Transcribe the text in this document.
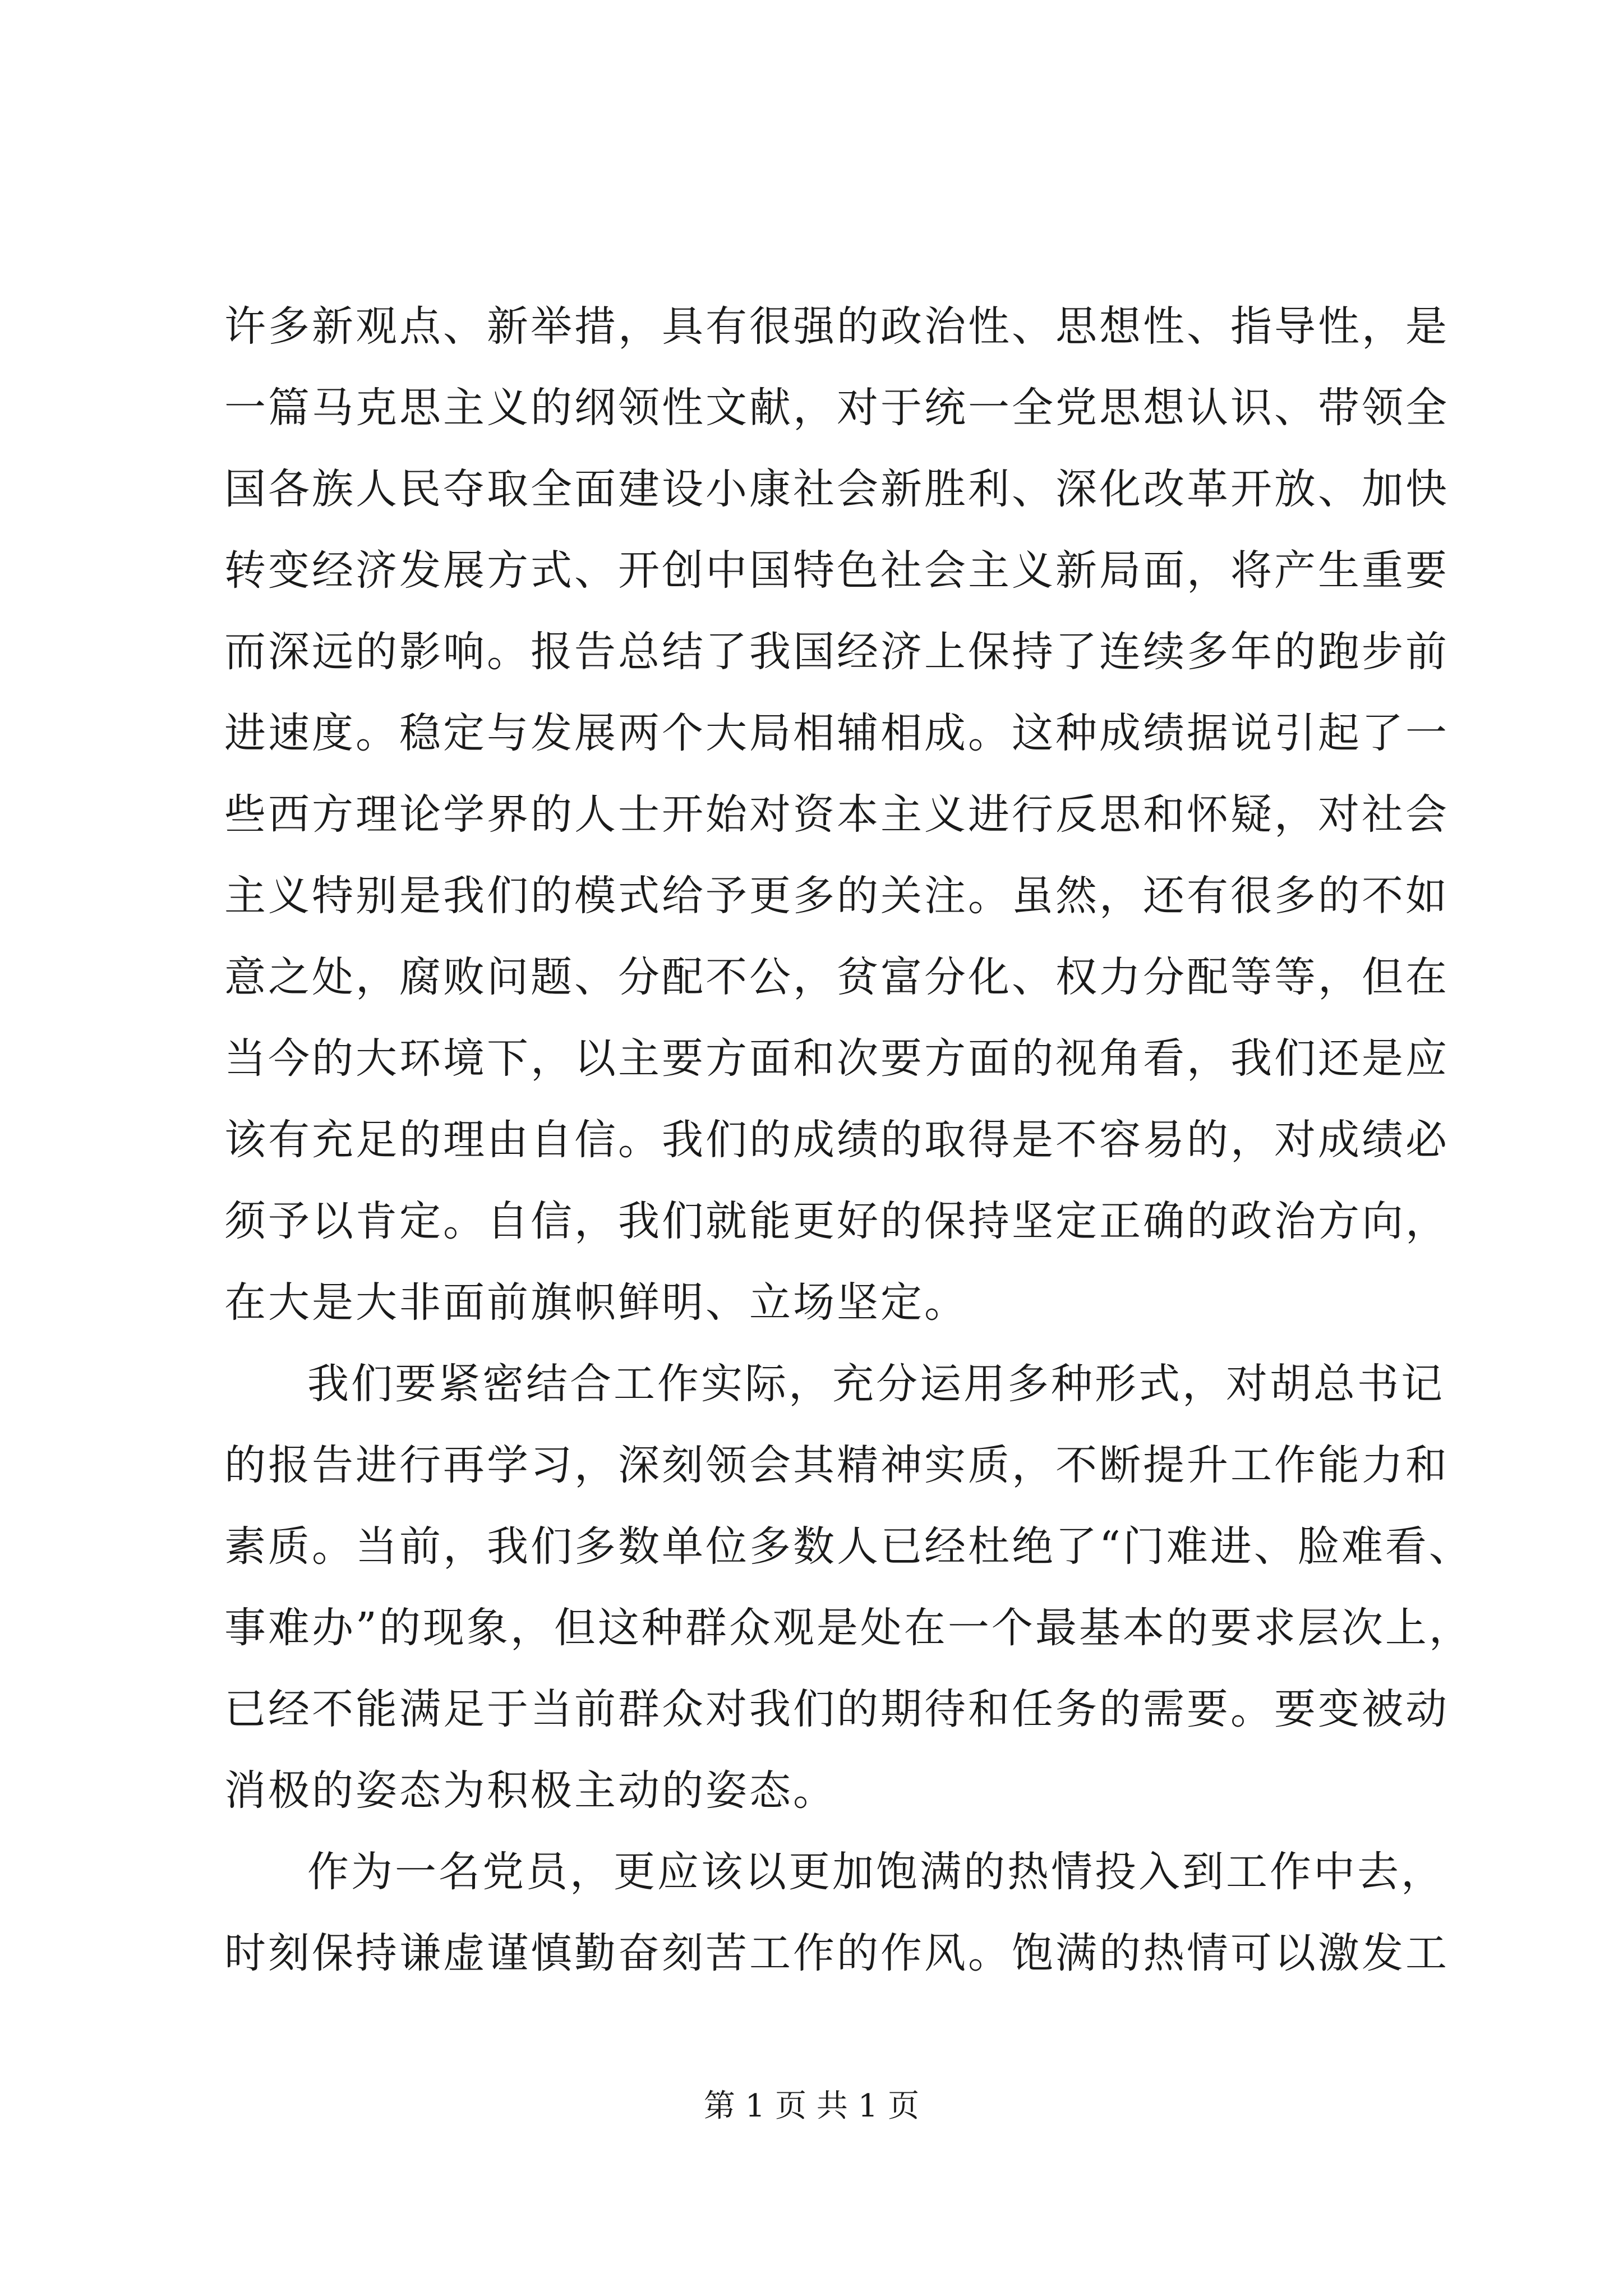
许多新观点、新举措，具有很强的政治性、思想性、指导性，是
一篇马克思主义的纲领性文献，对于统一全党思想认识、带领全
国各族人民夺取全面建设小康社会新胜利、深化改革开放、加快
转变经济发展方式、开创中国特色社会主义新局面，将产生重要
而深远的影响。报告总结了我国经济上保持了连续多年的跑步前
进速度。稳定与发展两个大局相辅相成。这种成绩据说引起了一
些西方理论学界的人士开始对资本主义进行反思和怀疑，对社会
主义特别是我们的模式给予更多的关注。虽然，还有很多的不如
意之处，腐败问题、分配不公，贫富分化、权力分配等等，但在
当今的大环境下，以主要方面和次要方面的视角看，我们还是应
该有充足的理由自信。我们的成绩的取得是不容易的，对成绩必
须予以肯定。自信，我们就能更好的保持坚定正确的政治方向，
在大是大非面前旗帜鲜明、立场坚定。
我们要紧密结合工作实际，充分运用多种形式，对胡总书记
的报告进行再学习，深刻领会其精神实质，不断提升工作能力和
素质。当前，我们多数单位多数人已经杜绝了“门难进、脸难看、
事难办”的现象，但这种群众观是处在一个最基本的要求层次上，
已经不能满足于当前群众对我们的期待和任务的需要。要变被动
消极的姿态为积极主动的姿态。
作为一名党员，更应该以更加饱满的热情投入到工作中去，
时刻保持谦虚谨慎勤奋刻苦工作的作风。饱满的热情可以激发工
第 1 页 共 1 页
